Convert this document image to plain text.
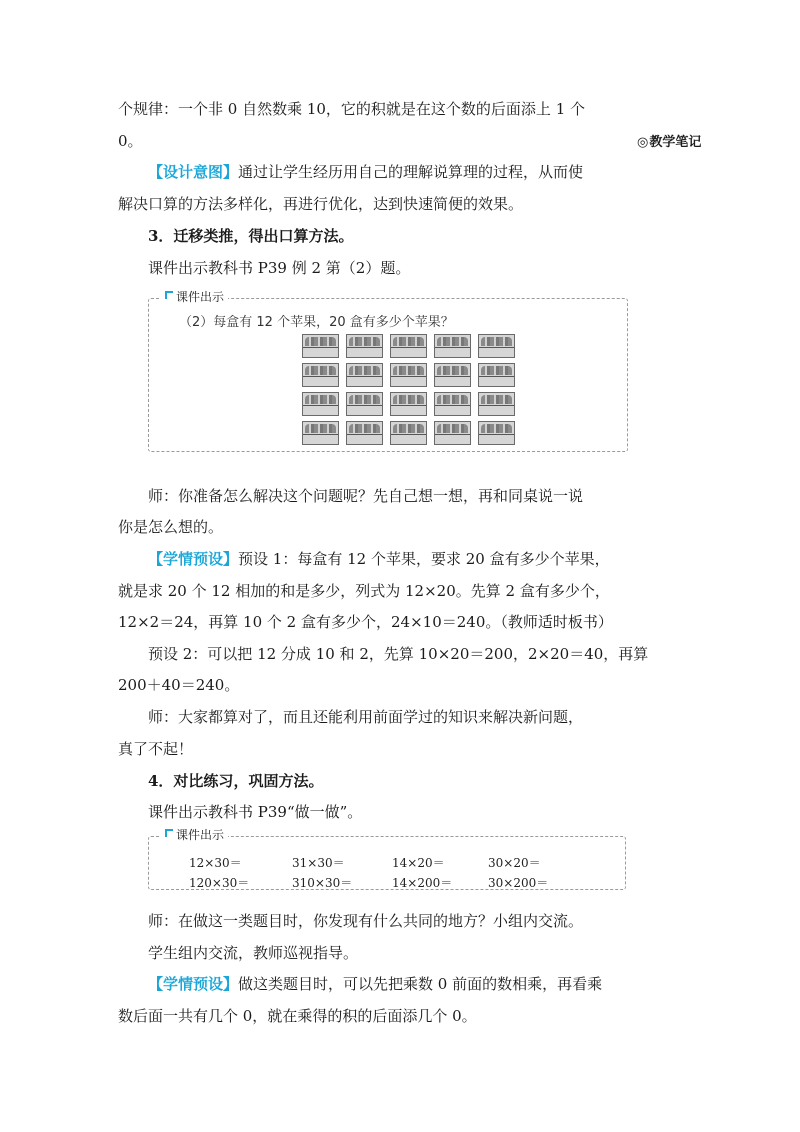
◎教学笔记
个规律：一个非 0 自然数乘 10，它的积就是在这个数的后面添上 1 个
0。
【设计意图】通过让学生经历用自己的理解说算理的过程，从而使
解决口算的方法多样化，再进行优化，达到快速简便的效果。
3．迁移类推，得出口算方法。
课件出示教科书 P39 例 2 第（2）题。
课件出示
（2）每盒有 12 个苹果，20 盒有多少个苹果？
师：你准备怎么解决这个问题呢？先自己想一想，再和同桌说一说
你是怎么想的。
【学情预设】预设 1：每盒有 12 个苹果，要求 20 盒有多少个苹果，
就是求 20 个 12 相加的和是多少，列式为 12×20。先算 2 盒有多少个，
12×2＝24，再算 10 个 2 盒有多少个，24×10＝240。（教师适时板书）
预设 2：可以把 12 分成 10 和 2，先算 10×20＝200，2×20＝40，再算
200＋40＝240。
师：大家都算对了，而且还能利用前面学过的知识来解决新问题，
真了不起！
4．对比练习，巩固方法。
课件出示教科书 P39“做一做”。
课件出示
12×30＝	31×30＝	14×20＝	30×20＝
120×30＝	310×30＝	14×200＝	30×200＝
师：在做这一类题目时，你发现有什么共同的地方？小组内交流。
学生组内交流，教师巡视指导。
【学情预设】做这类题目时，可以先把乘数 0 前面的数相乘，再看乘
数后面一共有几个 0，就在乘得的积的后面添几个 0。
